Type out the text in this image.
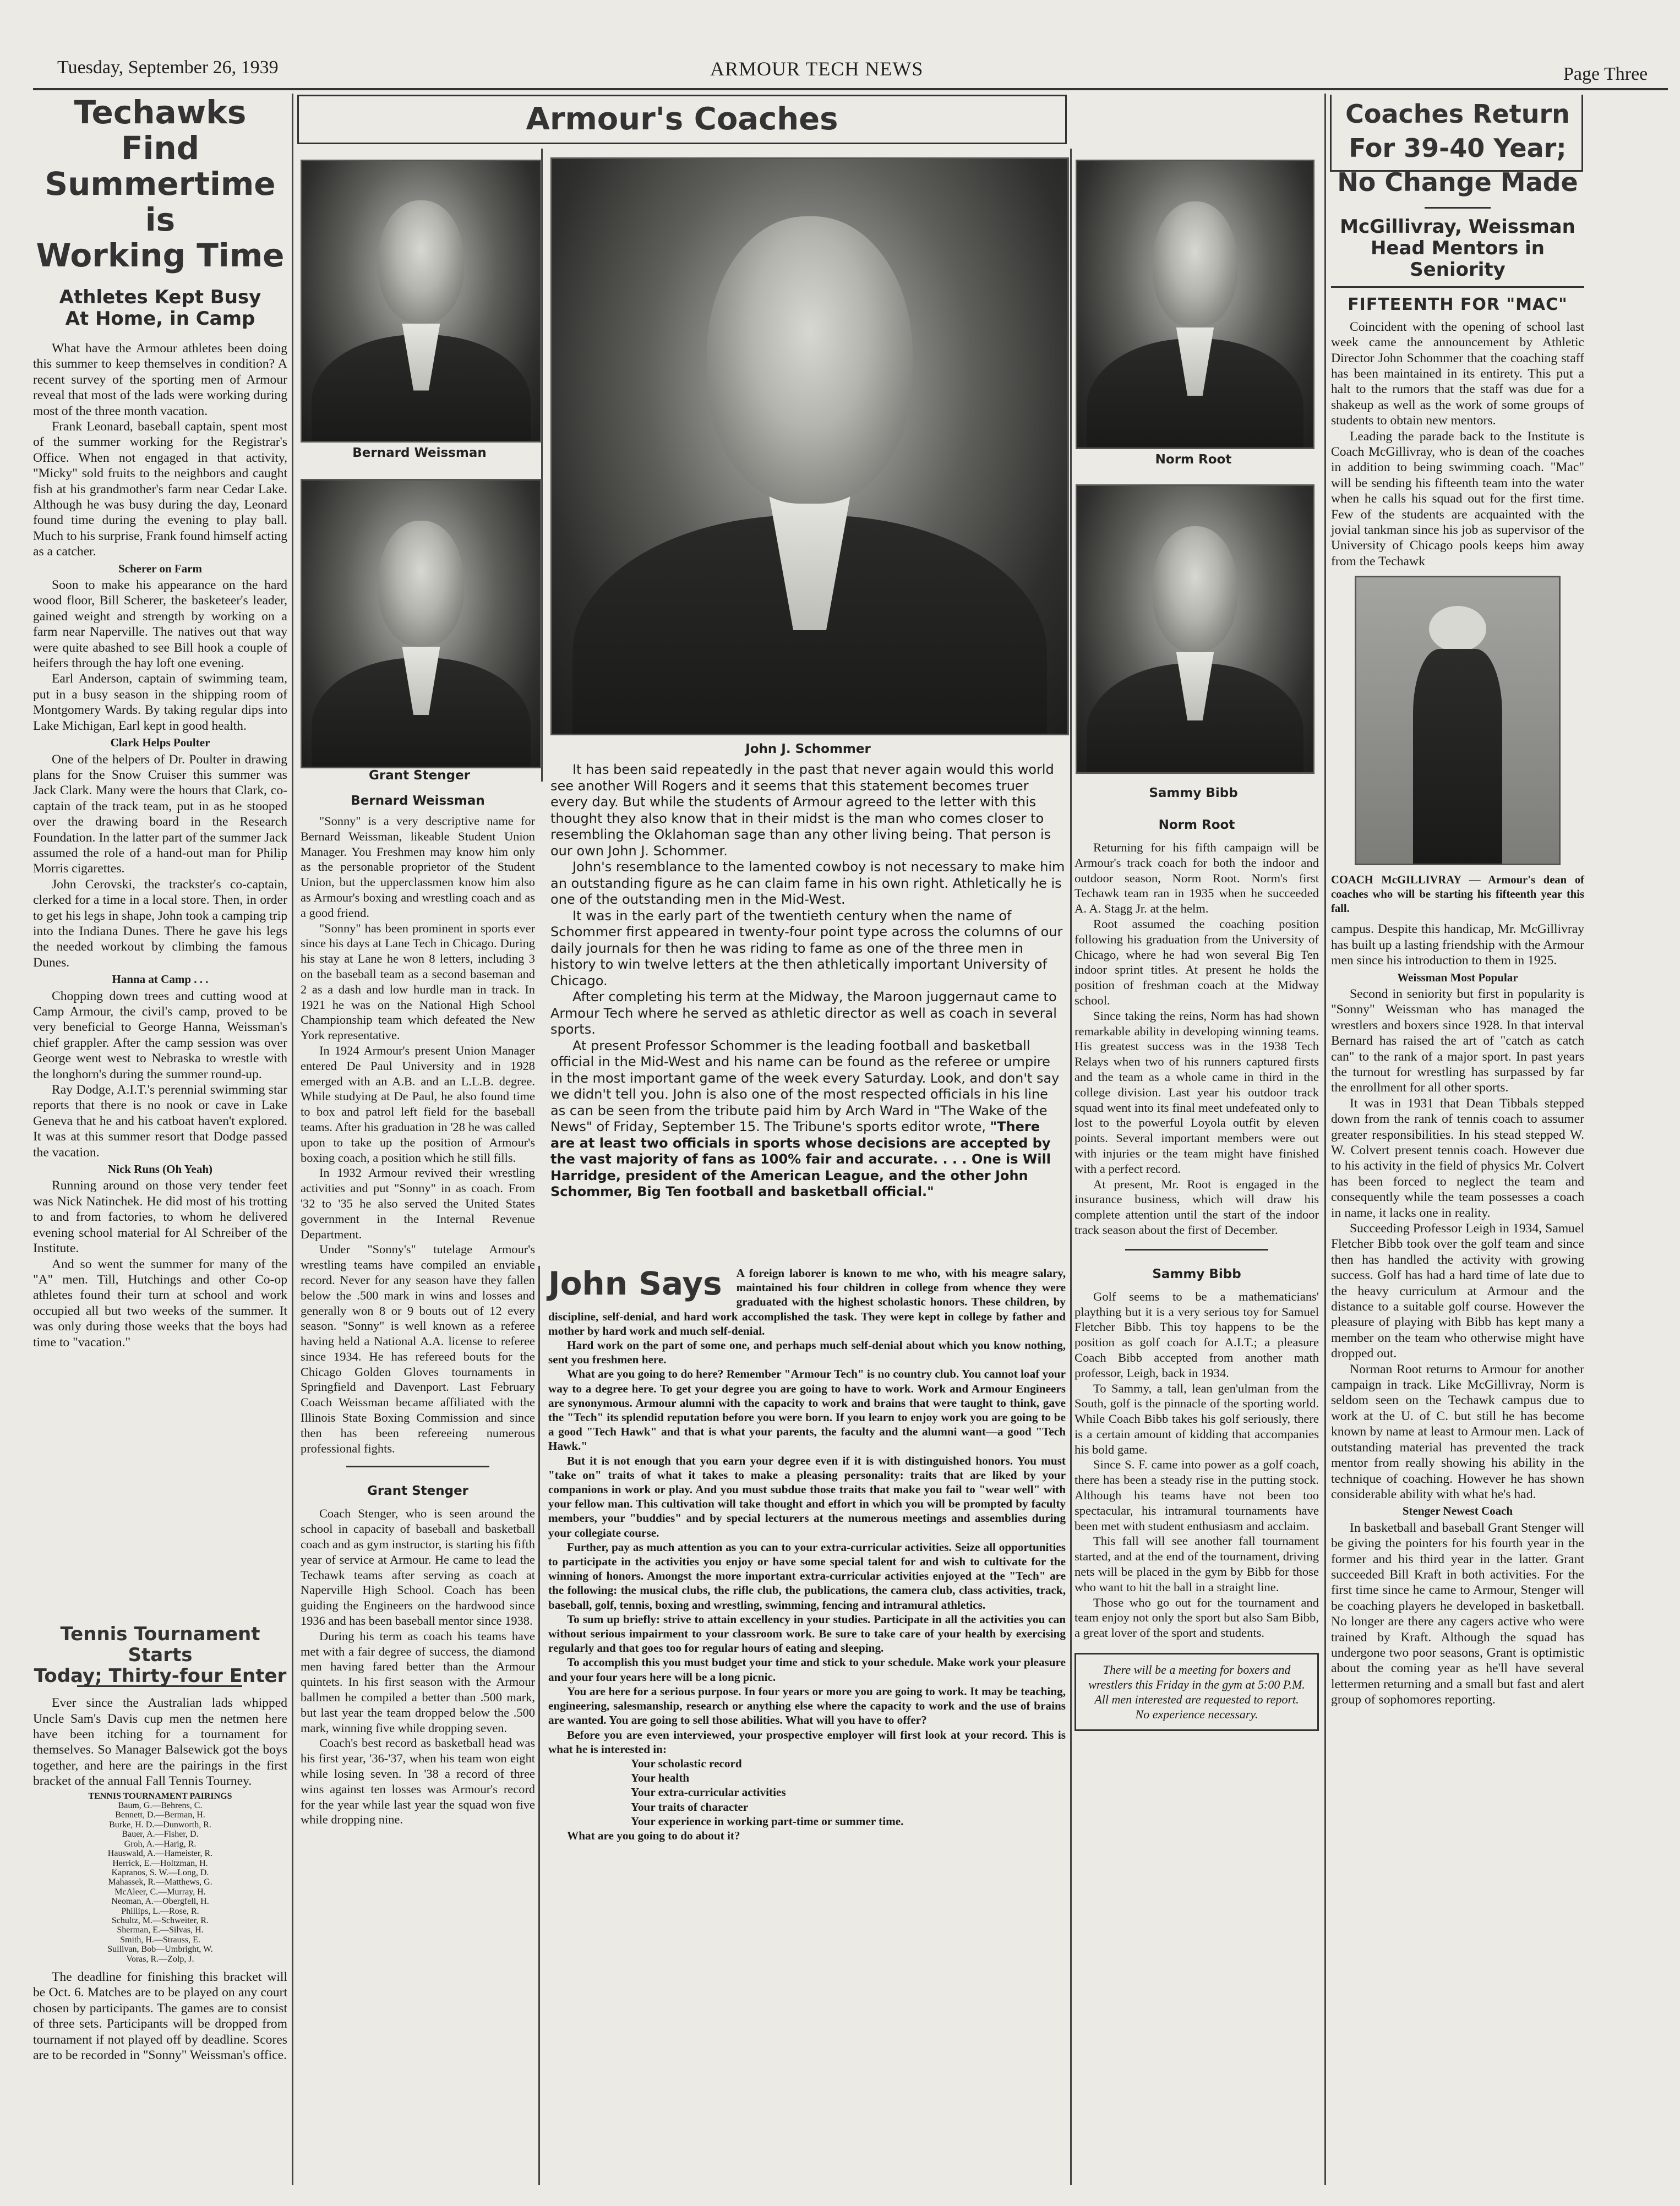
Tuesday, September 26, 1939	ARMOUR TECH NEWS	Page Three
Techawks Find
Summertime is
Working Time
Athletes Kept Busy
At Home, in Camp

What have the Armour athletes been doing this summer to keep themselves in condition? A recent survey of the sporting men of Armour reveal that most of the lads were working during most of the three month vacation.

Frank Leonard, baseball captain, spent most of the summer working for the Registrar's Office. When not engaged in that activity, "Micky" sold fruits to the neighbors and caught fish at his grandmother's farm near Cedar Lake. Although he was busy during the day, Leonard found time during the evening to play ball. Much to his surprise, Frank found himself acting as a catcher.

Scherer on Farm

Soon to make his appearance on the hard wood floor, Bill Scherer, the basketeer's leader, gained weight and strength by working on a farm near Naperville. The natives out that way were quite abashed to see Bill hook a couple of heifers through the hay loft one evening.

Earl Anderson, captain of swimming team, put in a busy season in the shipping room of Montgomery Wards. By taking regular dips into Lake Michigan, Earl kept in good health.

Clark Helps Poulter

One of the helpers of Dr. Poulter in drawing plans for the Snow Cruiser this summer was Jack Clark. Many were the hours that Clark, co-captain of the track team, put in as he stooped over the drawing board in the Research Foundation. In the latter part of the summer Jack assumed the role of a hand-out man for Philip Morris cigarettes.

John Cerovski, the trackster's co-captain, clerked for a time in a local store. Then, in order to get his legs in shape, John took a camping trip into the Indiana Dunes. There he gave his legs the needed workout by climbing the famous Dunes.

Hanna at Camp . . .

Chopping down trees and cutting wood at Camp Armour, the civil's camp, proved to be very beneficial to George Hanna, Weissman's chief grappler. After the camp session was over George went west to Nebraska to wrestle with the longhorn's during the summer round-up.

Ray Dodge, A.I.T.'s perennial swimming star reports that there is no nook or cave in Lake Geneva that he and his catboat haven't explored. It was at this summer resort that Dodge passed the vacation.

Nick Runs (Oh Yeah)

Running around on those very tender feet was Nick Natinchek. He did most of his trotting to and from factories, to whom he delivered evening school material for Al Schreiber of the Institute.

And so went the summer for many of the "A" men. Till, Hutchings and other Co-op athletes found their turn at school and work occupied all but two weeks of the summer. It was only during those weeks that the boys had time to "vacation."

Tennis Tournament Starts
Today; Thirty-four Enter

Ever since the Australian lads whipped Uncle Sam's Davis cup men the netmen here have been itching for a tournament for themselves. So Manager Balsewick got the boys together, and here are the pairings in the first bracket of the annual Fall Tennis Tourney.

TENNIS TOURNAMENT PAIRINGS
Baum, G.—Behrens, C.
Bennett, D.—Berman, H.
Burke, H. D.—Dunworth, R.
Bauer, A.—Fisher, D.
Groh, A.—Harig, R.
Hauswald, A.—Hameister, R.
Herrick, E.—Holtzman, H.
Kapranos, S. W.—Long, D.
Mahassek, R.—Matthews, G.
McAleer, C.—Murray, H.
Neoman, A.—Obergfell, H.
Phillips, L.—Rose, R.
Schultz, M.—Schweiter, R.
Sherman, E.—Silvas, H.
Smith, H.—Strauss, E.
Sullivan, Bob—Umbright, W.
Voras, R.—Zolp, J.

The deadline for finishing this bracket will be Oct. 6. Matches are to be played on any court chosen by participants. The games are to consist of three sets. Participants will be dropped from tournament if not played off by deadline. Scores are to be recorded in "Sonny" Weissman's office.

Armour's Coaches
Bernard Weissman
Grant Stenger
John J. Schommer
Norm Root
Sammy Bibb

It has been said repeatedly in the past that never again would this world see another Will Rogers and it seems that this statement becomes truer every day. But while the students of Armour agreed to the letter with this thought they also know that in their midst is the man who comes closer to resembling the Oklahoman sage than any other living being. That person is our own John J. Schommer.

John's resemblance to the lamented cowboy is not necessary to make him an outstanding figure as he can claim fame in his own right. Athletically he is one of the outstanding men in the Mid-West.

It was in the early part of the twentieth century when the name of Schommer first appeared in twenty-four point type across the columns of our daily journals for then he was riding to fame as one of the three men in history to win twelve letters at the then athletically important University of Chicago.

After completing his term at the Midway, the Maroon juggernaut came to Armour Tech where he served as athletic director as well as coach in several sports.

At present Professor Schommer is the leading football and basketball official in the Mid-West and his name can be found as the referee or umpire in the most important game of the week every Saturday. Look, and don't say we didn't tell you. John is also one of the most respected officials in his line as can be seen from the tribute paid him by Arch Ward in "The Wake of the News" of Friday, September 15. The Tribune's sports editor wrote, "There are at least two officials in sports whose decisions are accepted by the vast majority of fans as 100% fair and accurate. . . . One is Will Harridge, president of the American League, and the other John Schommer, Big Ten football and basketball official."

Bernard Weissman

"Sonny" is a very descriptive name for Bernard Weissman, likeable Student Union Manager. You Freshmen may know him only as the personable proprietor of the Student Union, but the upperclassmen know him also as Armour's boxing and wrestling coach and as a good friend.

"Sonny" has been prominent in sports ever since his days at Lane Tech in Chicago. During his stay at Lane he won 8 letters, including 3 on the baseball team as a second baseman and 2 as a dash and low hurdle man in track. In 1921 he was on the National High School Championship team which defeated the New York representative.

In 1924 Armour's present Union Manager entered De Paul University and in 1928 emerged with an A.B. and an L.L.B. degree. While studying at De Paul, he also found time to box and patrol left field for the baseball teams. After his graduation in '28 he was called upon to take up the position of Armour's boxing coach, a position which he still fills.

In 1932 Armour revived their wrestling activities and put "Sonny" in as coach. From '32 to '35 he also served the United States government in the Internal Revenue Department.

Under "Sonny's" tutelage Armour's wrestling teams have compiled an enviable record. Never for any season have they fallen below the .500 mark in wins and losses and generally won 8 or 9 bouts out of 12 every season. "Sonny" is well known as a referee having held a National A.A. license to referee since 1934. He has refereed bouts for the Chicago Golden Gloves tournaments in Springfield and Davenport. Last February Coach Weissman became affiliated with the Illinois State Boxing Commission and since then has been refereeing numerous professional fights.

Grant Stenger

Coach Stenger, who is seen around the school in capacity of baseball and basketball coach and as gym instructor, is starting his fifth year of service at Armour. He came to lead the Techawk teams after serving as coach at Naperville High School. Coach has been guiding the Engineers on the hardwood since 1936 and has been baseball mentor since 1938.

During his term as coach his teams have met with a fair degree of success, the diamond men having fared better than the Armour quintets. In his first season with the Armour ballmen he compiled a better than .500 mark, but last year the team dropped below the .500 mark, winning five while dropping seven.

Coach's best record as basketball head was his first year, '36-'37, when his team won eight while losing seven. In '38 a record of three wins against ten losses was Armour's record for the year while last year the squad won five while dropping nine.

John Says	A foreign laborer is known to me who, with his meagre salary, maintained his four children in college from whence they were graduated with the highest scholastic honors. These children, by discipline, self-denial, and hard work accomplished the task. They were kept in college by father and mother by hard work and much self-denial.

Hard work on the part of some one, and perhaps much self-denial about which you know nothing, sent you freshmen here.

What are you going to do here? Remember "Armour Tech" is no country club. You cannot loaf your way to a degree here. To get your degree you are going to have to work. Work and Armour Engineers are synonymous. Armour alumni with the capacity to work and brains that were taught to think, gave the "Tech" its splendid reputation before you were born. If you learn to enjoy work you are going to be a good "Tech Hawk" and that is what your parents, the faculty and the alumni want—a good "Tech Hawk."

But it is not enough that you earn your degree even if it is with distinguished honors. You must "take on" traits of what it takes to make a pleasing personality: traits that are liked by your companions in work or play. And you must subdue those traits that make you fail to "wear well" with your fellow man. This cultivation will take thought and effort in which you will be prompted by faculty members, your "buddies" and by special lecturers at the numerous meetings and assemblies during your collegiate course.

Further, pay as much attention as you can to your extra-curricular activities. Seize all opportunities to participate in the activities you enjoy or have some special talent for and wish to cultivate for the winning of honors. Amongst the more important extra-curricular activities enjoyed at the "Tech" are the following: the musical clubs, the rifle club, the publications, the camera club, class activities, track, baseball, golf, tennis, boxing and wrestling, swimming, fencing and intramural athletics.

To sum up briefly: strive to attain excellency in your studies. Participate in all the activities you can without serious impairment to your classroom work. Be sure to take care of your health by exercising regularly and that goes too for regular hours of eating and sleeping.

To accomplish this you must budget your time and stick to your schedule. Make work your pleasure and your four years here will be a long picnic.

You are here for a serious purpose. In four years or more you are going to work. It may be teaching, engineering, salesmanship, research or anything else where the capacity to work and the use of brains are wanted. You are going to sell those abilities. What will you have to offer?

Before you are even interviewed, your prospective employer will first look at your record. This is what he is interested in:

Your scholastic record
Your health
Your extra-curricular activities
Your traits of character
Your experience in working part-time or summer time.

What are you going to do about it?

Norm Root

Returning for his fifth campaign will be Armour's track coach for both the indoor and outdoor season, Norm Root. Norm's first Techawk team ran in 1935 when he succeeded A. A. Stagg Jr. at the helm.

Root assumed the coaching position following his graduation from the University of Chicago, where he had won several Big Ten indoor sprint titles. At present he holds the position of freshman coach at the Midway school.

Since taking the reins, Norm has had shown remarkable ability in developing winning teams. His greatest success was in the 1938 Tech Relays when two of his runners captured firsts and the team as a whole came in third in the college division. Last year his outdoor track squad went into its final meet undefeated only to lost to the powerful Loyola outfit by eleven points. Several important members were out with injuries or the team might have finished with a perfect record.

At present, Mr. Root is engaged in the insurance business, which will draw his complete attention until the start of the indoor track season about the first of December.

Sammy Bibb

Golf seems to be a mathematicians' plaything but it is a very serious toy for Samuel Fletcher Bibb. This toy happens to be the position as golf coach for A.I.T.; a pleasure Coach Bibb accepted from another math professor, Leigh, back in 1934.

To Sammy, a tall, lean gen'ulman from the South, golf is the pinnacle of the sporting world. While Coach Bibb takes his golf seriously, there is a certain amount of kidding that accompanies his bold game.

Since S. F. came into power as a golf coach, there has been a steady rise in the putting stock. Although his teams have not been too spectacular, his intramural tournaments have been met with student enthusiasm and acclaim.

This fall will see another fall tournament started, and at the end of the tournament, driving nets will be placed in the gym by Bibb for those who want to hit the ball in a straight line.

Those who go out for the tournament and team enjoy not only the sport but also Sam Bibb, a great lover of the sport and students.

There will be a meeting for boxers and wrestlers this Friday in the gym at 5:00 P.M. All men interested are requested to report. No experience necessary.
Coaches Return
For 39-40 Year;
No Change Made
McGillivray, Weissman
Head Mentors in
Seniority
FIFTEENTH FOR "MAC"

Coincident with the opening of school last week came the announcement by Athletic Director John Schommer that the coaching staff has been maintained in its entirety. This put a halt to the rumors that the staff was due for a shakeup as well as the work of some groups of students to obtain new mentors.

Leading the parade back to the Institute is Coach McGillivray, who is dean of the coaches in addition to being swimming coach. "Mac" will be sending his fifteenth team into the water when he calls his squad out for the first time. Few of the students are acquainted with the jovial tankman since his job as supervisor of the University of Chicago pools keeps him away from the Techawk

COACH McGILLIVRAY — Armour's dean of coaches who will be starting his fifteenth year this fall.

campus. Despite this handicap, Mr. McGillivray has built up a lasting friendship with the Armour men since his introduction to them in 1925.

Weissman Most Popular

Second in seniority but first in popularity is "Sonny" Weissman who has managed the wrestlers and boxers since 1928. In that interval Bernard has raised the art of "catch as catch can" to the rank of a major sport. In past years the turnout for wrestling has surpassed by far the enrollment for all other sports.

It was in 1931 that Dean Tibbals stepped down from the rank of tennis coach to assumer greater responsibilities. In his stead stepped W. W. Colvert present tennis coach. However due to his activity in the field of physics Mr. Colvert has been forced to neglect the team and consequently while the team possesses a coach in name, it lacks one in reality.

Succeeding Professor Leigh in 1934, Samuel Fletcher Bibb took over the golf team and since then has handled the activity with growing success. Golf has had a hard time of late due to the heavy curriculum at Armour and the distance to a suitable golf course. However the pleasure of playing with Bibb has kept many a member on the team who otherwise might have dropped out.

Norman Root returns to Armour for another campaign in track. Like McGillivray, Norm is seldom seen on the Techawk campus due to work at the U. of C. but still he has become known by name at least to Armour men. Lack of outstanding material has prevented the track mentor from really showing his ability in the technique of coaching. However he has shown considerable ability with what he's had.

Stenger Newest Coach

In basketball and baseball Grant Stenger will be giving the pointers for his fourth year in the former and his third year in the latter. Grant succeeded Bill Kraft in both activities. For the first time since he came to Armour, Stenger will be coaching players he developed in basketball. No longer are there any cagers active who were trained by Kraft. Although the squad has undergone two poor seasons, Grant is optimistic about the coming year as he'll have several lettermen returning and a small but fast and alert group of sophomores reporting.
